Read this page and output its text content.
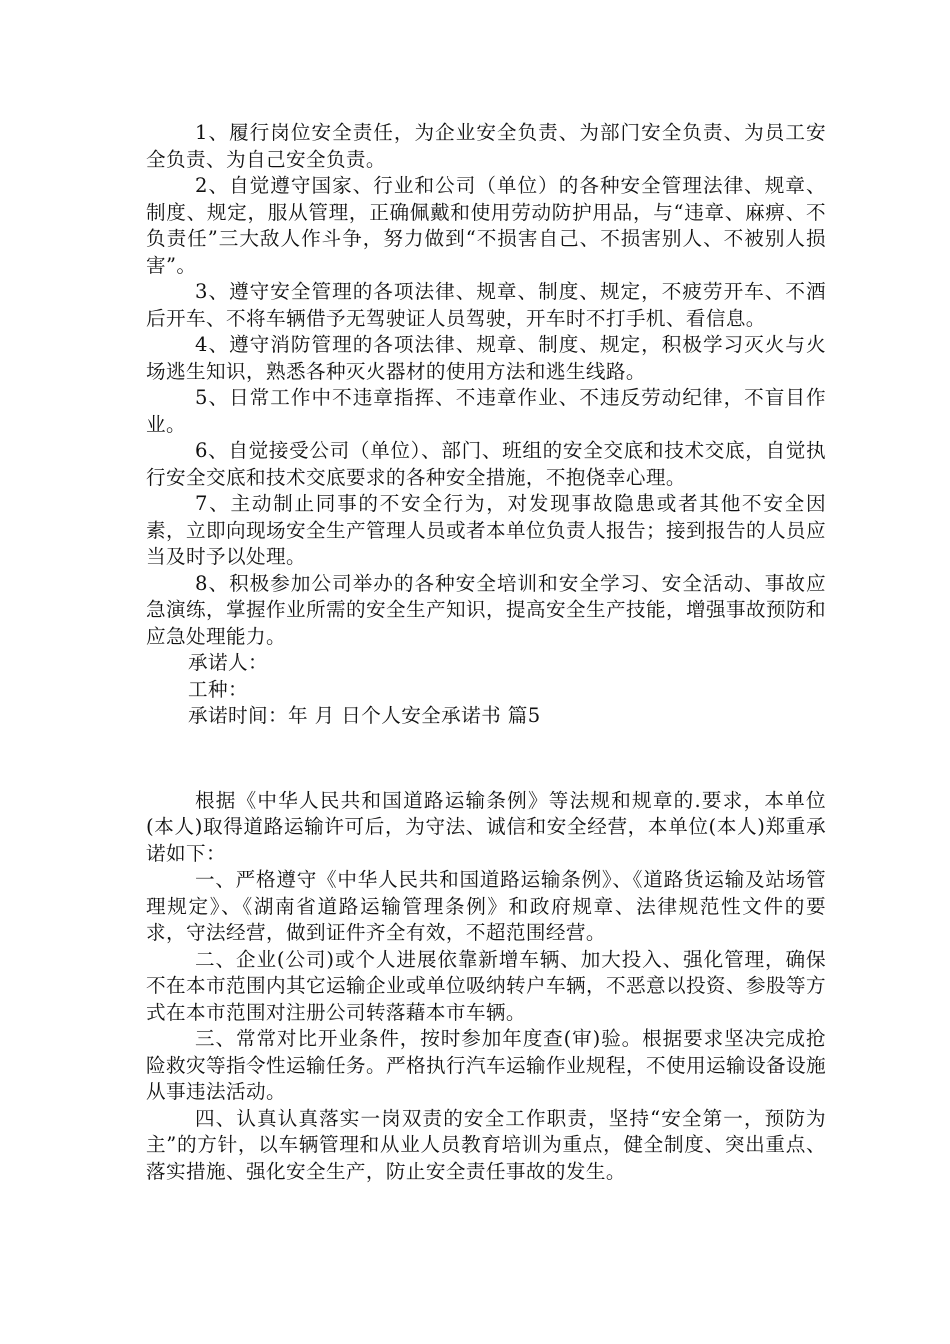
1、履行岗位安全责任，为企业安全负责、为部门安全负责、为员工安全负责、为自己安全负责。

2、自觉遵守国家、行业和公司（单位）的各种安全管理法律、规章、制度、规定，服从管理，正确佩戴和使用劳动防护用品，与“违章、麻痹、不负责任”三大敌人作斗争，努力做到“不损害自己、不损害别人、不被别人损害”。

3、遵守安全管理的各项法律、规章、制度、规定，不疲劳开车、不酒后开车、不将车辆借予无驾驶证人员驾驶，开车时不打手机、看信息。

4、遵守消防管理的各项法律、规章、制度、规定，积极学习灭火与火场逃生知识，熟悉各种灭火器材的使用方法和逃生线路。

5、日常工作中不违章指挥、不违章作业、不违反劳动纪律，不盲目作业。

6、自觉接受公司（单位）、部门、班组的安全交底和技术交底，自觉执行安全交底和技术交底要求的各种安全措施，不抱侥幸心理。

7、主动制止同事的不安全行为，对发现事故隐患或者其他不安全因素，立即向现场安全生产管理人员或者本单位负责人报告；接到报告的人员应当及时予以处理。

8、积极参加公司举办的各种安全培训和安全学习、安全活动、事故应急演练，掌握作业所需的安全生产知识，提高安全生产技能，增强事故预防和应急处理能力。

承诺人：

工种：

承诺时间：年 月 日个人安全承诺书 篇5

根据《中华人民共和国道路运输条例》等法规和规章的.要求，本单位(本人)取得道路运输许可后，为守法、诚信和安全经营，本单位(本人)郑重承诺如下：

一、严格遵守《中华人民共和国道路运输条例》、《道路货运输及站场管理规定》、《湖南省道路运输管理条例》和政府规章、法律规范性文件的要求，守法经营，做到证件齐全有效，不超范围经营。

二、企业(公司)或个人进展依靠新增车辆、加大投入、强化管理，确保不在本市范围内其它运输企业或单位吸纳转户车辆，不恶意以投资、参股等方式在本市范围对注册公司转落藉本市车辆。

三、常常对比开业条件，按时参加年度查(审)验。根据要求坚决完成抢险救灾等指令性运输任务。严格执行汽车运输作业规程，不使用运输设备设施从事违法活动。

四、认真认真落实一岗双责的安全工作职责，坚持“安全第一，预防为主”的方针，以车辆管理和从业人员教育培训为重点，健全制度、突出重点、落实措施、强化安全生产，防止安全责任事故的发生。
